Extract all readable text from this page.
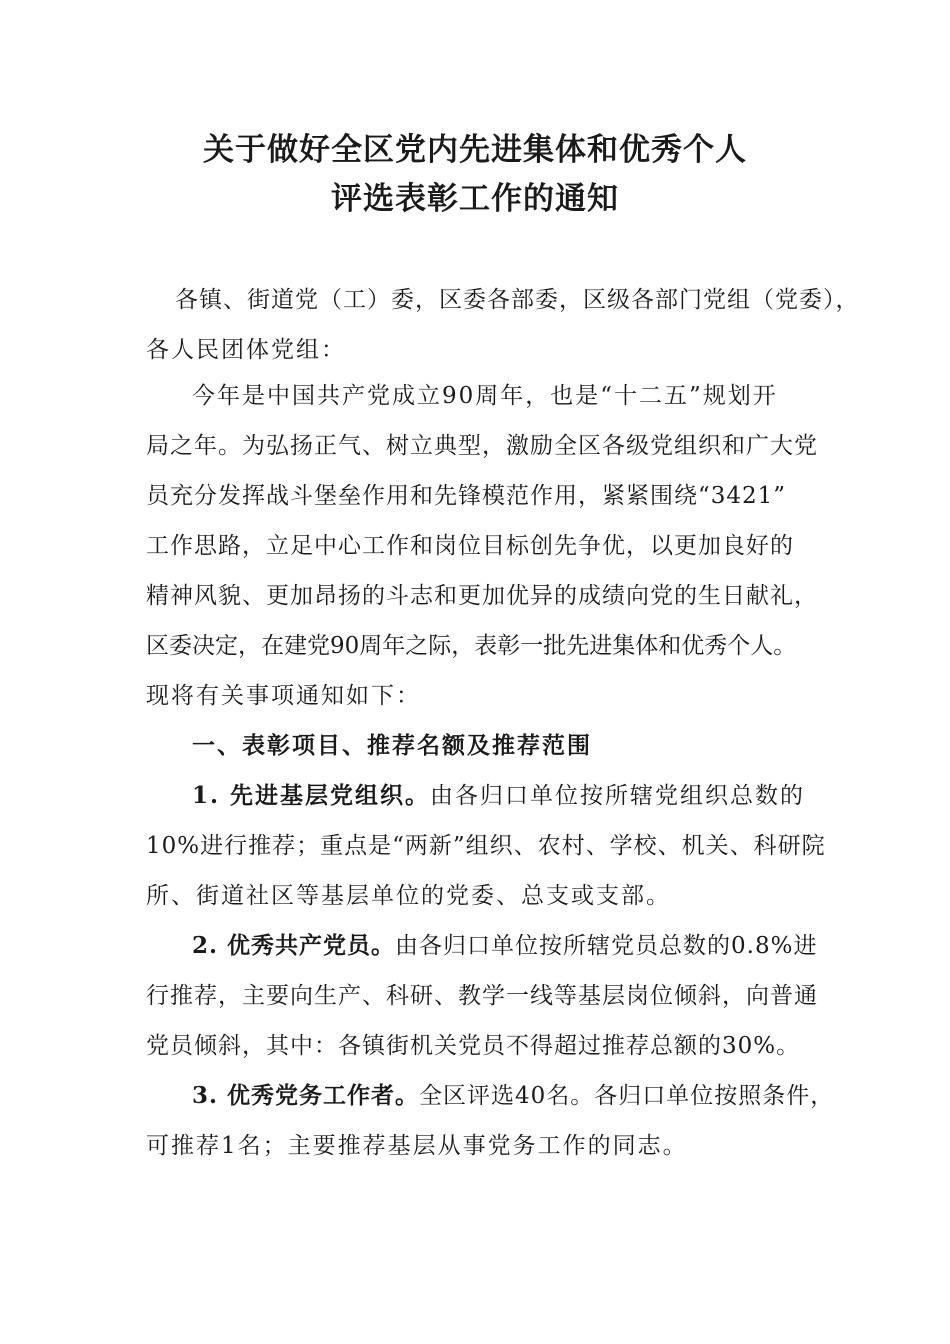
关于做好全区党内先进集体和优秀个人
评选表彰工作的通知
各镇、街道党（工）委，区委各部委，区级各部门党组（党委），
各人民团体党组：
今年是中国共产党成立90周年，也是“十二五”规划开
局之年。为弘扬正气、树立典型，激励全区各级党组织和广大党
员充分发挥战斗堡垒作用和先锋模范作用，紧紧围绕“3421”
工作思路，立足中心工作和岗位目标创先争优，以更加良好的
精神风貌、更加昂扬的斗志和更加优异的成绩向党的生日献礼，
区委决定，在建党90周年之际，表彰一批先进集体和优秀个人。
现将有关事项通知如下：
一、表彰项目、推荐名额及推荐范围
1. 先进基层党组织。由各归口单位按所辖党组织总数的
10%进行推荐；重点是“两新”组织、农村、学校、机关、科研院
所、街道社区等基层单位的党委、总支或支部。
2. 优秀共产党员。由各归口单位按所辖党员总数的0.8%进
行推荐，主要向生产、科研、教学一线等基层岗位倾斜，向普通
党员倾斜，其中：各镇街机关党员不得超过推荐总额的30%。
3. 优秀党务工作者。全区评选40名。各归口单位按照条件，
可推荐1名；主要推荐基层从事党务工作的同志。
